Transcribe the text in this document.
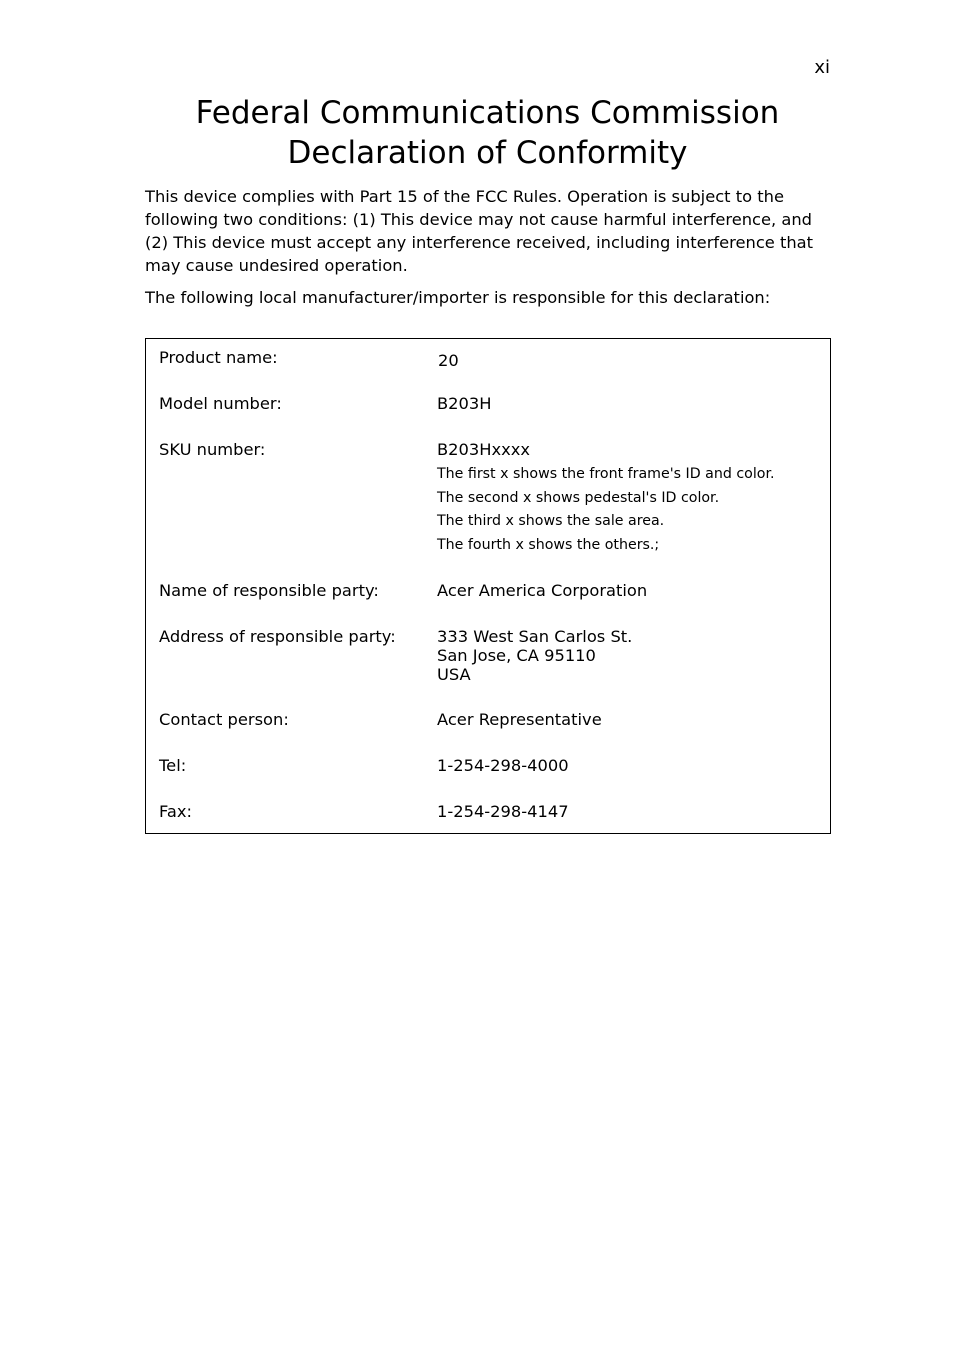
xi
Federal Communications Commission
Declaration of Conformity

This device complies with Part 15 of the FCC Rules. Operation is subject to the following two conditions: (1) This device may not cause harmful interference, and (2) This device must accept any interference received, including interference that may cause undesired operation.

The following local manufacturer/importer is responsible for this declaration:

Product name:	20
Model number:	B203H
SKU number:	B203Hxxxx
The first x shows the front frame's ID and color.
The second x shows pedestal's ID color.
The third x shows the sale area.
The fourth x shows the others.;
Name of responsible party:	Acer America Corporation
Address of responsible party:	333 West San Carlos St.
San Jose, CA 95110
USA
Contact person:	Acer Representative
Tel:	1-254-298-4000
Fax:	1-254-298-4147
